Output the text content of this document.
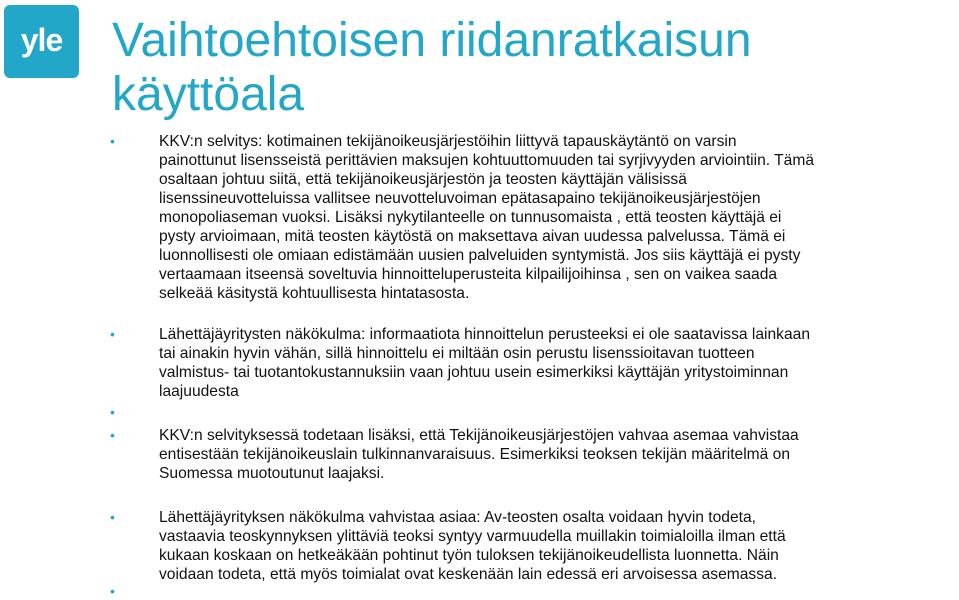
yle Vaihtoehtoisen riidanratkaisun
käyttöala
•
•
•
•
•
•

KKV:n selvitys: kotimainen tekijänoikeusjärjestöihin liittyvä tapauskäytäntö on varsin
painottunut lisensseistä perittävien maksujen kohtuuttomuuden tai syrjivyyden arviointiin. Tämä
osaltaan johtuu siitä, että tekijänoikeusjärjestön ja teosten käyttäjän välisissä
lisenssineuvotteluissa vallitsee neuvotteluvoiman epätasapaino tekijänoikeusjärjestöjen
monopoliaseman vuoksi. Lisäksi nykytilanteelle on tunnusomaista , että teosten käyttäjä ei
pysty arvioimaan, mitä teosten käytöstä on maksettava aivan uudessa palvelussa. Tämä ei
luonnollisesti ole omiaan edistämään uusien palveluiden syntymistä. Jos siis käyttäjä ei pysty
vertaamaan itseensä soveltuvia hinnoitteluperusteita kilpailijoihinsa , sen on vaikea saada
selkeää käsitystä kohtuullisesta hintatasosta.

Lähettäjäyritysten näkökulma: informaatiota hinnoittelun perusteeksi ei ole saatavissa lainkaan
tai ainakin hyvin vähän, sillä hinnoittelu ei miltään osin perustu lisenssioitavan tuotteen
valmistus- tai tuotantokustannuksiin vaan johtuu usein esimerkiksi käyttäjän yritystoiminnan
laajuudesta

KKV:n selvityksessä todetaan lisäksi, että Tekijänoikeusjärjestöjen vahvaa asemaa vahvistaa
entisestään tekijänoikeuslain tulkinnanvaraisuus. Esimerkiksi teoksen tekijän määritelmä on
Suomessa muotoutunut laajaksi.

Lähettäjäyrityksen näkökulma vahvistaa asiaa: Av-teosten osalta voidaan hyvin todeta,
vastaavia teoskynnyksen ylittäviä teoksi syntyy varmuudella muillakin toimialoilla ilman että
kukaan koskaan on hetkeäkään pohtinut työn tuloksen tekijänoikeudellista luonnetta. Näin
voidaan todeta, että myös toimialat ovat keskenään lain edessä eri arvoisessa asemassa.
